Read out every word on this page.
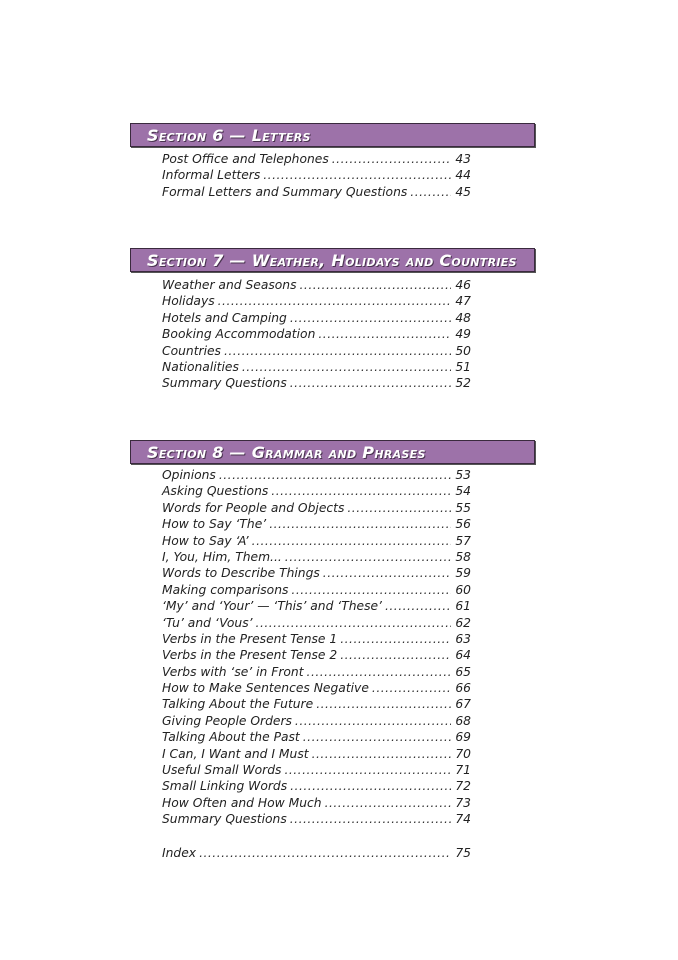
Section 6 — Letters
Post Office and Telephones .....	43
Informal Letters .....	44
Formal Letters and Summary Questions .....	45
Section 7 — Weather, Holidays and Countries
Weather and Seasons .....	46
Holidays .....	47
Hotels and Camping .....	48
Booking Accommodation .....	49
Countries .....	50
Nationalities .....	51
Summary Questions .....	52
Section 8 — Grammar and Phrases
Opinions .....	53
Asking Questions .....	54
Words for People and Objects .....	55
How to Say ‘The’ .....	56
How to Say ‘A’ .....	57
I, You, Him, Them... .....	58
Words to Describe Things .....	59
Making comparisons .....	60
‘My’ and ‘Your’ — ‘This’ and ‘These’ .....	61
‘Tu’ and ‘Vous’ .....	62
Verbs in the Present Tense 1 .....	63
Verbs in the Present Tense 2 .....	64
Verbs with ‘se’ in Front .....	65
How to Make Sentences Negative .....	66
Talking About the Future .....	67
Giving People Orders .....	68
Talking About the Past .....	69
I Can, I Want and I Must .....	70
Useful Small Words .....	71
Small Linking Words .....	72
How Often and How Much .....	73
Summary Questions .....	74
Index .....	75
